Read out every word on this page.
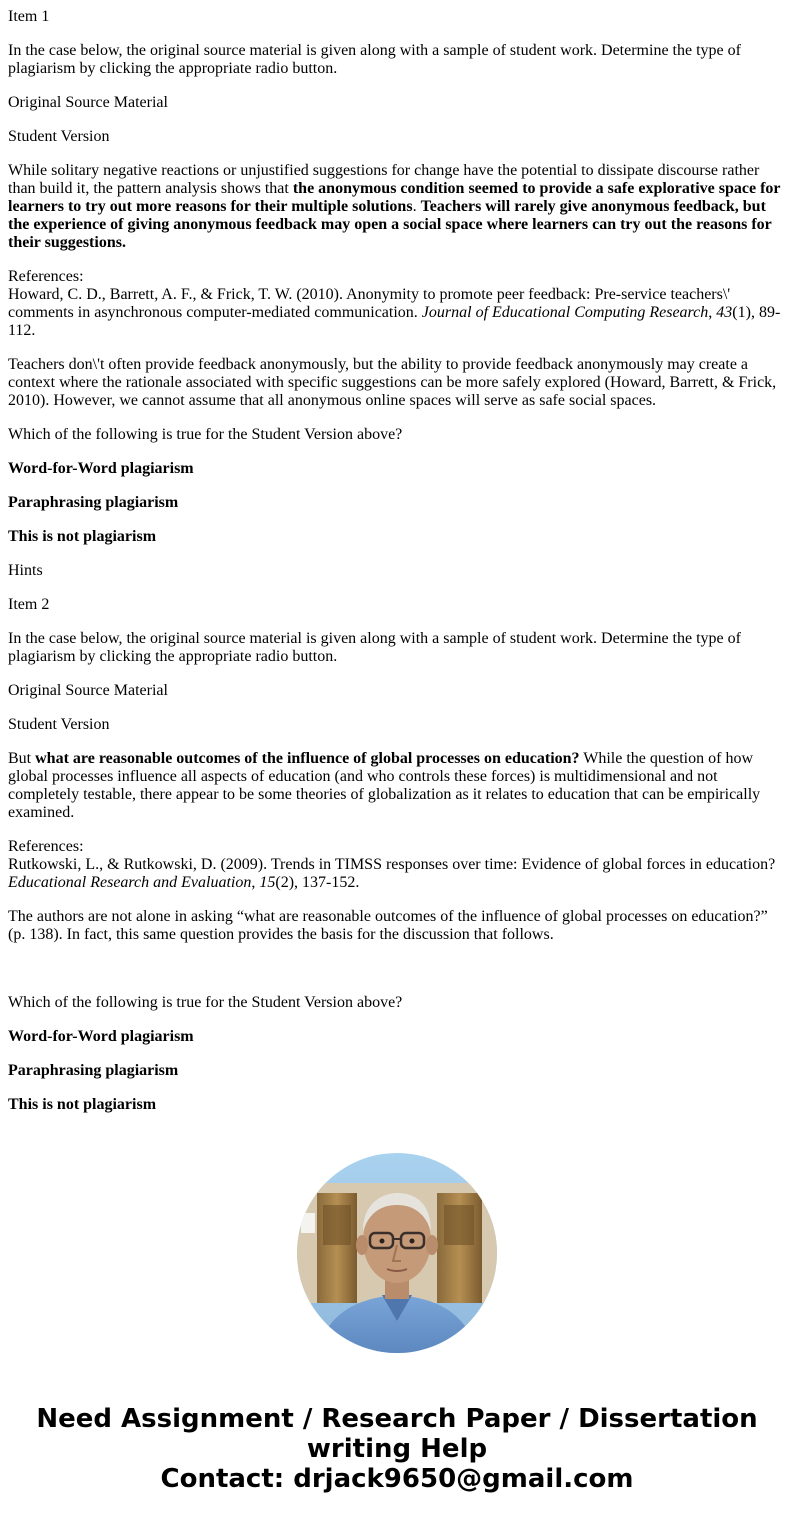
Item 1

In the case below, the original source material is given along with a sample of student work. Determine the type of plagiarism by clicking the appropriate radio button.

Original Source Material

Student Version

While solitary negative reactions or unjustified suggestions for change have the potential to dissipate discourse rather than build it, the pattern analysis shows that the anonymous condition seemed to provide a safe explorative space for learners to try out more reasons for their multiple solutions. Teachers will rarely give anonymous feedback, but the experience of giving anonymous feedback may open a social space where learners can try out the reasons for their suggestions.

References:
Howard, C. D., Barrett, A. F., & Frick, T. W. (2010). Anonymity to promote peer feedback: Pre-service teachers\' comments in asynchronous computer-mediated communication. Journal of Educational Computing Research, 43(1), 89-112.

Teachers don\'t often provide feedback anonymously, but the ability to provide feedback anonymously may create a context where the rationale associated with specific suggestions can be more safely explored (Howard, Barrett, & Frick, 2010). However, we cannot assume that all anonymous online spaces will serve as safe social spaces.

Which of the following is true for the Student Version above?

Word-for-Word plagiarism

Paraphrasing plagiarism

This is not plagiarism

Hints

Item 2

In the case below, the original source material is given along with a sample of student work. Determine the type of plagiarism by clicking the appropriate radio button.

Original Source Material

Student Version

But what are reasonable outcomes of the influence of global processes on education? While the question of how global processes influence all aspects of education (and who controls these forces) is multidimensional and not completely testable, there appear to be some theories of globalization as it relates to education that can be empirically examined.

References:
Rutkowski, L., & Rutkowski, D. (2009). Trends in TIMSS responses over time: Evidence of global forces in education? Educational Research and Evaluation, 15(2), 137-152.

The authors are not alone in asking “what are reasonable outcomes of the influence of global processes on education?” (p. 138). In fact, this same question provides the basis for the discussion that follows.

Which of the following is true for the Student Version above?

Word-for-Word plagiarism

Paraphrasing plagiarism

This is not plagiarism

Need Assignment / Research Paper / Dissertation
writing Help
Contact: drjack9650@gmail.com
